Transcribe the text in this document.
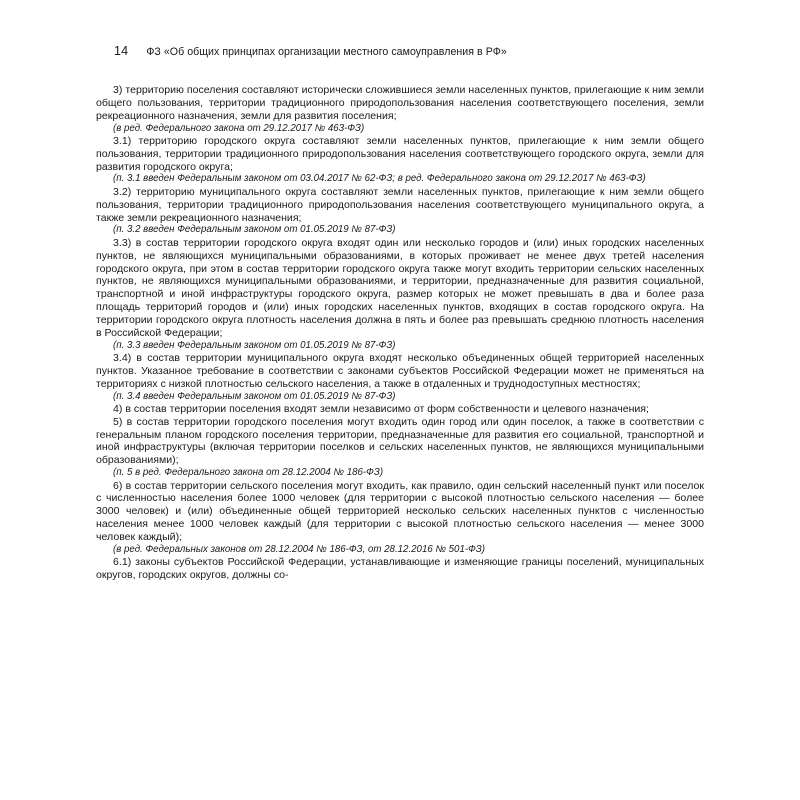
14 ФЗ «Об общих принципах организации местного самоуправления в РФ»

3) территорию поселения составляют исторически сложившиеся земли населенных пунктов, прилегающие к ним земли общего пользования, территории традиционного природопользования населения соответствующего поселения, земли рекреационного назначения, земли для развития поселения;

(в ред. Федерального закона от 29.12.2017 № 463-ФЗ)

3.1) территорию городского округа составляют земли населенных пунктов, прилегающие к ним земли общего пользования, территории традиционного природопользования населения соответствующего городского округа, земли для развития городского округа;

(п. 3.1 введен Федеральным законом от 03.04.2017 № 62-ФЗ; в ред. Федерального закона от 29.12.2017 № 463-ФЗ)

3.2) территорию муниципального округа составляют земли населенных пунктов, прилегающие к ним земли общего пользования, территории традиционного природопользования населения соответствующего муниципального округа, а также земли рекреационного назначения;

(п. 3.2 введен Федеральным законом от 01.05.2019 № 87-ФЗ)

3.3) в состав территории городского округа входят один или несколько городов и (или) иных городских населенных пунктов, не являющихся муниципальными образованиями, в которых проживает не менее двух третей населения городского округа, при этом в состав территории городского округа также могут входить территории сельских населенных пунктов, не являющихся муниципальными образованиями, и территории, предназначенные для развития социальной, транспортной и иной инфраструктуры городского округа, размер которых не может превышать в два и более раза площадь территорий городов и (или) иных городских населенных пунктов, входящих в состав городского округа. На территории городского округа плотность населения должна в пять и более раз превышать среднюю плотность населения в Российской Федерации;

(п. 3.3 введен Федеральным законом от 01.05.2019 № 87-ФЗ)

3.4) в состав территории муниципального округа входят несколько объединенных общей территорией населенных пунктов. Указанное требование в соответствии с законами субъектов Российской Федерации может не применяться на территориях с низкой плотностью сельского населения, а также в отдаленных и труднодоступных местностях;

(п. 3.4 введен Федеральным законом от 01.05.2019 № 87-ФЗ)

4) в состав территории поселения входят земли независимо от форм собственности и целевого назначения;

5) в состав территории городского поселения могут входить один город или один поселок, а также в соответствии с генеральным планом городского поселения территории, предназначенные для развития его социальной, транспортной и иной инфраструктуры (включая территории поселков и сельских населенных пунктов, не являющихся муниципальными образованиями);

(п. 5 в ред. Федерального закона от 28.12.2004 № 186-ФЗ)

6) в состав территории сельского поселения могут входить, как правило, один сельский населенный пункт или поселок с численностью населения более 1000 человек (для территории с высокой плотностью сельского населения — более 3000 человек) и (или) объединенные общей территорией несколько сельских населенных пунктов с численностью населения менее 1000 человек каждый (для территории с высокой плотностью сельского населения — менее 3000 человек каждый);

(в ред. Федеральных законов от 28.12.2004 № 186-ФЗ, от 28.12.2016 № 501-ФЗ)

6.1) законы субъектов Российской Федерации, устанавливающие и изменяющие границы поселений, муниципальных округов, городских округов, должны со-
